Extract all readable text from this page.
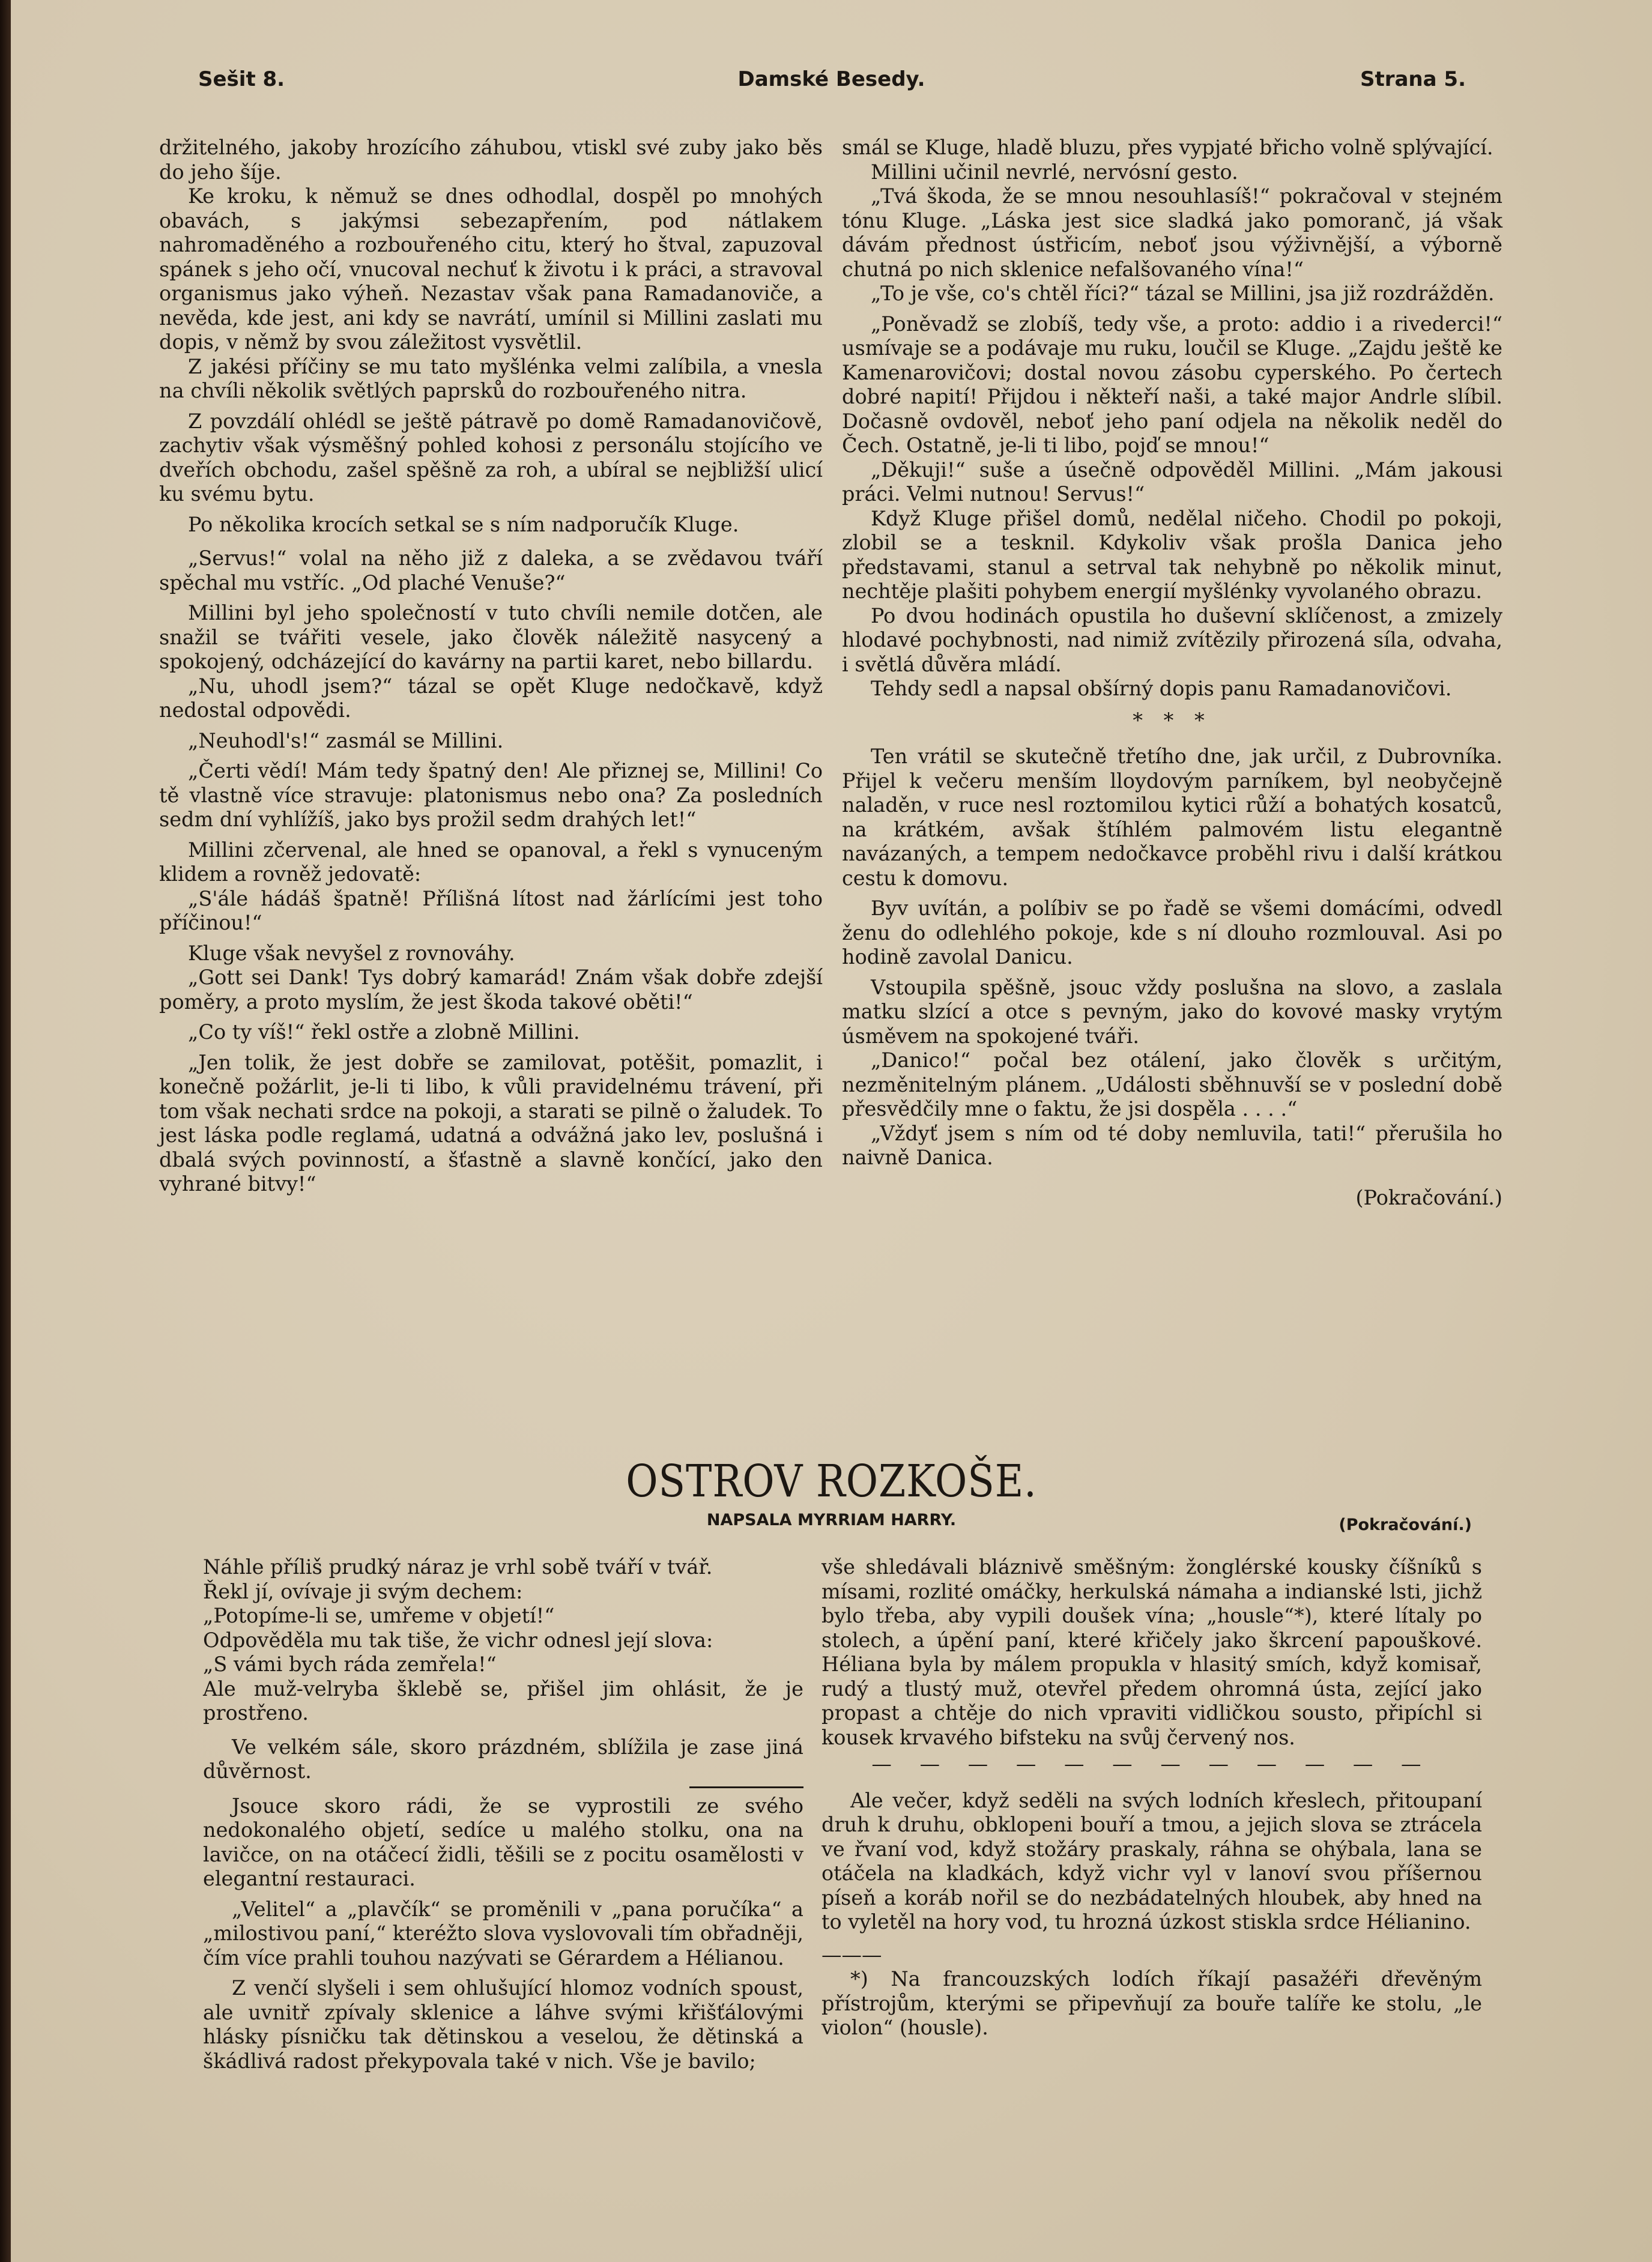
Sešit 8.	Damské Besedy.	Strana 5.

držitelného, jakoby hrozícího záhubou, vtiskl své zuby jako běs do jeho šíje.

Ke kroku, k němuž se dnes odhodlal, dospěl po mnohých obavách, s jakýmsi sebezapřením, pod nátlakem nahromaděného a rozbouřeného citu, který ho štval, zapuzoval spánek s jeho očí, vnucoval nechuť k životu i k práci, a stravoval organismus jako výheň. Nezastav však pana Ramadanoviče, a nevěda, kde jest, ani kdy se navrátí, umínil si Millini zaslati mu dopis, v němž by svou záležitost vysvětlil.

Z jakési příčiny se mu tato myšlénka velmi zalíbila, a vnesla na chvíli několik světlých paprsků do rozbouřeného nitra.

Z povzdálí ohlédl se ještě pátravě po domě Ramadanovičově, zachytiv však výsměšný pohled kohosi z personálu stojícího ve dveřích obchodu, zašel spěšně za roh, a ubíral se nejbližší ulicí ku svému bytu.

Po několika krocích setkal se s ním nadporučík Kluge.

„Servus!“ volal na něho již z daleka, a se zvědavou tváří spěchal mu vstříc. „Od plaché Venuše?“

Millini byl jeho společností v tuto chvíli nemile dotčen, ale snažil se tvářiti vesele, jako člověk náležitě nasycený a spokojený, odcházející do kavárny na partii karet, nebo billardu.

„Nu, uhodl jsem?“ tázal se opět Kluge nedočkavě, když nedostal odpovědi.

„Neuhodl's!“ zasmál se Millini.

„Čerti vědí! Mám tedy špatný den! Ale přiznej se, Millini! Co tě vlastně více stravuje: platonismus nebo ona? Za posledních sedm dní vyhlížíš, jako bys prožil sedm drahých let!“

Millini zčervenal, ale hned se opanoval, a řekl s vynuceným klidem a rovněž jedovatě:

„S'ále hádáš špatně! Přílišná lítost nad žárlícími jest toho příčinou!“

Kluge však nevyšel z rovnováhy.

„Gott sei Dank! Tys dobrý kamarád! Znám však dobře zdejší poměry, a proto myslím, že jest škoda takové oběti!“

„Co ty víš!“ řekl ostře a zlobně Millini.

„Jen tolik, že jest dobře se zamilovat, potěšit, pomazlit, i konečně požárlit, je-li ti libo, k vůli pravidelnému trávení, při tom však nechati srdce na pokoji, a starati se pilně o žaludek. To jest láska podle reglamá, udatná a odvážná jako lev, poslušná i dbalá svých povinností, a šťastně a slavně končící, jako den vyhrané bitvy!“

smál se Kluge, hladě bluzu, přes vypjaté břicho volně splývající.

Millini učinil nevrlé, nervósní gesto.

„Tvá škoda, že se mnou nesouhlasíš!“ pokračoval v stejném tónu Kluge. „Láska jest sice sladká jako pomoranč, já však dávám přednost ústřicím, neboť jsou výživnější, a výborně chutná po nich sklenice nefalšovaného vína!“

„To je vše, co's chtěl říci?“ tázal se Millini, jsa již rozdrážděn.

„Poněvadž se zlobíš, tedy vše, a proto: addio i a rivederci!“ usmívaje se a podávaje mu ruku, loučil se Kluge. „Zajdu ještě ke Kamenarovičovi; dostal novou zásobu cyperského. Po čertech dobré napití! Přijdou i někteří naši, a také major Andrle slíbil. Dočasně ovdověl, neboť jeho paní odjela na několik neděl do Čech. Ostatně, je-li ti libo, pojď se mnou!“

„Děkuji!“ suše a úsečně odpověděl Millini. „Mám jakousi práci. Velmi nutnou! Servus!“

Když Kluge přišel domů, nedělal ničeho. Chodil po pokoji, zlobil se a tesknil. Kdykoliv však prošla Danica jeho představami, stanul a setrval tak nehybně po několik minut, nechtěje plašiti pohybem energií myšlénky vyvolaného obrazu.

Po dvou hodinách opustila ho duševní sklíčenost, a zmizely hlodavé pochybnosti, nad nimiž zvítězily přirozená síla, odvaha, i světlá důvěra mládí.

Tehdy sedl a napsal obšírný dopis panu Ramadanovičovi.

* * *

Ten vrátil se skutečně třetího dne, jak určil, z Dubrovníka. Přijel k večeru menším lloydovým parníkem, byl neobyčejně naladěn, v ruce nesl roztomilou kytici růží a bohatých kosatců, na krátkém, avšak štíhlém palmovém listu elegantně navázaných, a tempem nedočkavce proběhl rivu i další krátkou cestu k domovu.

Byv uvítán, a políbiv se po řadě se všemi domácími, odvedl ženu do odlehlého pokoje, kde s ní dlouho rozmlouval. Asi po hodině zavolal Danicu.

Vstoupila spěšně, jsouc vždy poslušna na slovo, a zaslala matku slzící a otce s pevným, jako do kovové masky vrytým úsměvem na spokojené tváři.

„Danico!“ počal bez otálení, jako člověk s určitým, nezměnitelným plánem. „Události sběhnuvší se v poslední době přesvědčily mne o faktu, že jsi dospěla . . . .“

„Vždyť jsem s ním od té doby nemluvila, tati!“ přerušila ho naivně Danica.

(Pokračování.)

OSTROV ROZKOŠE.
NAPSALA MYRRIAM HARRY.	(Pokračování.)

Náhle příliš prudký náraz je vrhl sobě tváří v tvář.

Řekl jí, ovívaje ji svým dechem:

„Potopíme-li se, umřeme v objetí!“

Odpověděla mu tak tiše, že vichr odnesl její slova:

„S vámi bych ráda zemřela!“

Ale muž-velryba šklebě se, přišel jim ohlásit, že je prostřeno.

Ve velkém sále, skoro prázdném, sblížila je zase jiná důvěrnost.

Jsouce skoro rádi, že se vyprostili ze svého nedokonalého objetí, sedíce u malého stolku, ona na lavičce, on na otáčecí židli, těšili se z pocitu osamělosti v elegantní restauraci.

„Velitel“ a „plavčík“ se proměnili v „pana poručíka“ a „milostivou paní,“ kteréžto slova vyslovovali tím obřadněji, čím více prahli touhou nazývati se Gérardem a Hélianou.

Z venčí slyšeli i sem ohlušující hlomoz vodních spoust, ale uvnitř zpívaly sklenice a láhve svými křišťálovými hlásky písničku tak dětinskou a veselou, že dětinská a škádlivá radost překypovala také v nich. Vše je bavilo;

vše shledávali bláznivě směšným: žonglérské kousky číšníků s mísami, rozlité omáčky, herkulská námaha a indianské lsti, jichž bylo třeba, aby vypili doušek vína; „housle“*), které lítaly po stolech, a úpění paní, které křičely jako škrcení papouškové. Héliana byla by málem propukla v hlasitý smích, když komisař, rudý a tlustý muž, otevřel předem ohromná ústa, zející jako propast a chtěje do nich vpraviti vidličkou sousto, připíchl si kousek krvavého bifsteku na svůj červený nos.

— — — — — — — — — — — —

Ale večer, když seděli na svých lodních křeslech, přitoupaní druh k druhu, obklopeni bouří a tmou, a jejich slova se ztrácela ve řvaní vod, když stožáry praskaly, ráhna se ohýbala, lana se otáčela na kladkách, když vichr vyl v lanoví svou příšernou píseň a koráb nořil se do nezbádatelných hloubek, aby hned na to vyletěl na hory vod, tu hrozná úzkost stiskla srdce Hélianino.

———

*) Na francouzských lodích říkají pasažéři dřevěným přístrojům, kterými se připevňují za bouře talíře ke stolu, „le violon“ (housle).
